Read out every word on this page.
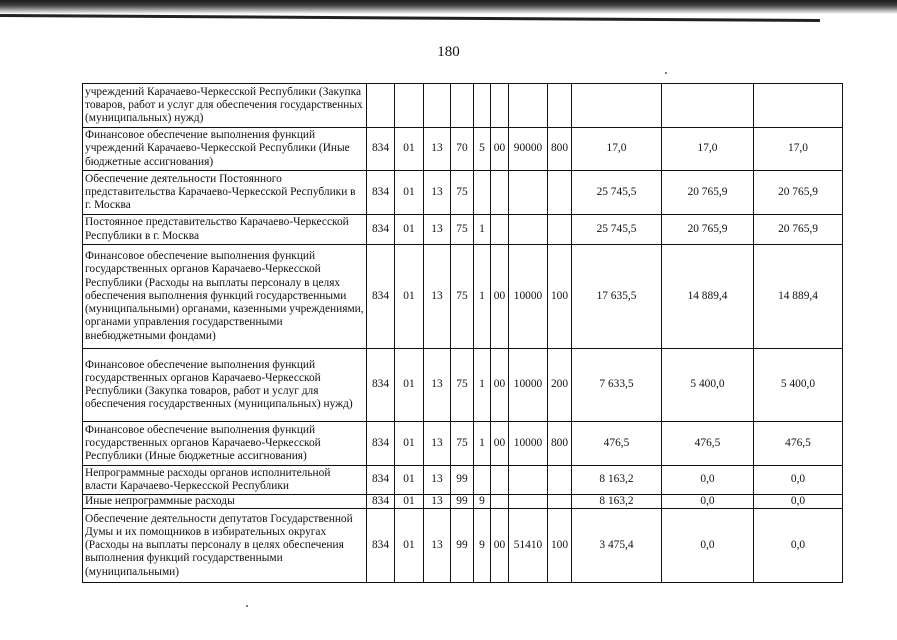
180
учреждений Карачаево-Черкесской Республики (Закупка товаров, работ и услуг для обеспечения государственных (муниципальных) нужд)											
Финансовое обеспечение выполнения функций учреждений Карачаево-Черкесской Республики (Иные бюджетные ассигнования)	834	01	13	70	5	00	90000	800	17,0	17,0	17,0
Обеспечение деятельности Постоянного представительства Карачаево-Черкесской Республики в г. Москва	834	01	13	75					25 745,5	20 765,9	20 765,9
Постоянное представительство Карачаево-Черкесской Республики в г. Москва	834	01	13	75	1				25 745,5	20 765,9	20 765,9
Финансовое обеспечение выполнения функций государственных органов Карачаево-Черкесской Республики (Расходы на выплаты персоналу в целях обеспечения выполнения функций государственными (муниципальными) органами, казенными учреждениями, органами управления государственными внебюджетными фондами)	834	01	13	75	1	00	10000	100	17 635,5	14 889,4	14 889,4
Финансовое обеспечение выполнения функций государственных органов Карачаево-Черкесской Республики (Закупка товаров, работ и услуг для обеспечения государственных (муниципальных) нужд)	834	01	13	75	1	00	10000	200	7 633,5	5 400,0	5 400,0
Финансовое обеспечение выполнения функций государственных органов Карачаево-Черкесской Республики (Иные бюджетные ассигнования)	834	01	13	75	1	00	10000	800	476,5	476,5	476,5
Непрограммные расходы органов исполнительной власти Карачаево-Черкесской Республики	834	01	13	99					8 163,2	0,0	0,0
Иные непрограммные расходы	834	01	13	99	9				8 163,2	0,0	0,0
Обеспечение деятельности депутатов Государственной Думы и их помощников в избирательных округах (Расходы на выплаты персоналу в целях обеспечения выполнения функций государственными (муниципальными)	834	01	13	99	9	00	51410	100	3 475,4	0,0	0,0
